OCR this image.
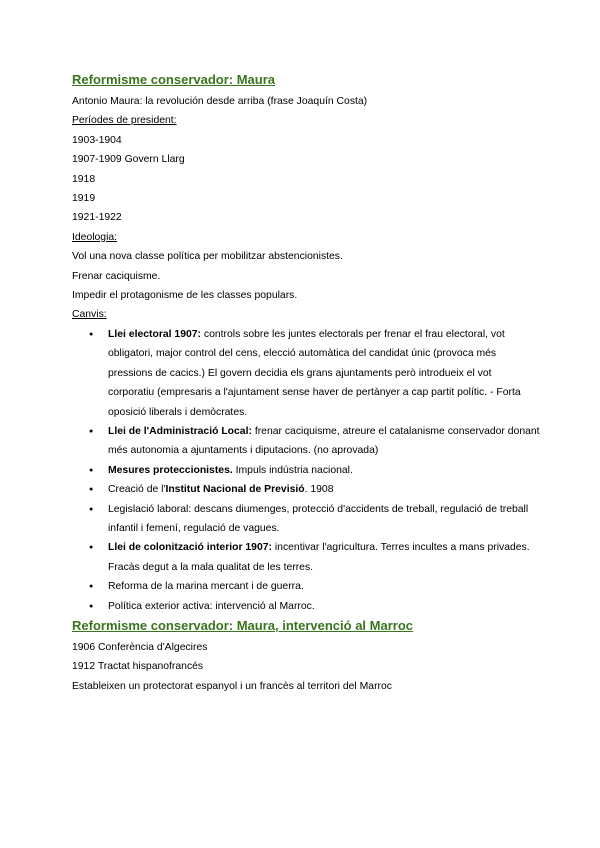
Reformisme conservador: Maura

Antonio Maura: la revolución desde arriba (frase Joaquín Costa)

Períodes de president:

1903-1904

1907-1909 Govern Llarg

1918

1919

1921-1922

Ideologia:

Vol una nova classe política per mobilitzar abstencionistes.

Frenar caciquisme.

Impedir el protagonisme de les classes populars.

Canvis:

● Llei electoral 1907: controls sobre les juntes electorals per frenar el frau electoral, vot obligatori, major control del cens, elecció automàtica del candidat únic (provoca més pressions de cacics.) El govern decidia els grans ajuntaments però introdueix el vot corporatiu (empresaris a l'ajuntament sense haver de pertànyer a cap partit polític. - Forta oposició liberals i demòcrates.
● Llei de l'Administració Local: frenar caciquisme, atreure el catalanisme conservador donant més autonomia a ajuntaments i diputacions. (no aprovada)
● Mesures proteccionistes. Impuls indústria nacional.
● Creació de l'Institut Nacional de Previsió. 1908
● Legislació laboral: descans diumenges, protecció d'accidents de treball, regulació de treball infantil i femení, regulació de vagues.
● Llei de colonització interior 1907: incentivar l'agricultura. Terres incultes a mans privades. Fracàs degut a la mala qualitat de les terres.
● Reforma de la marina mercant i de guerra.
● Política exterior activa: intervenció al Marroc.
Reformisme conservador: Maura, intervenció al Marroc

1906 Conferència d'Algecires

1912 Tractat hispanofrancés

Estableixen un protectorat espanyol i un francès al territori del Marroc
